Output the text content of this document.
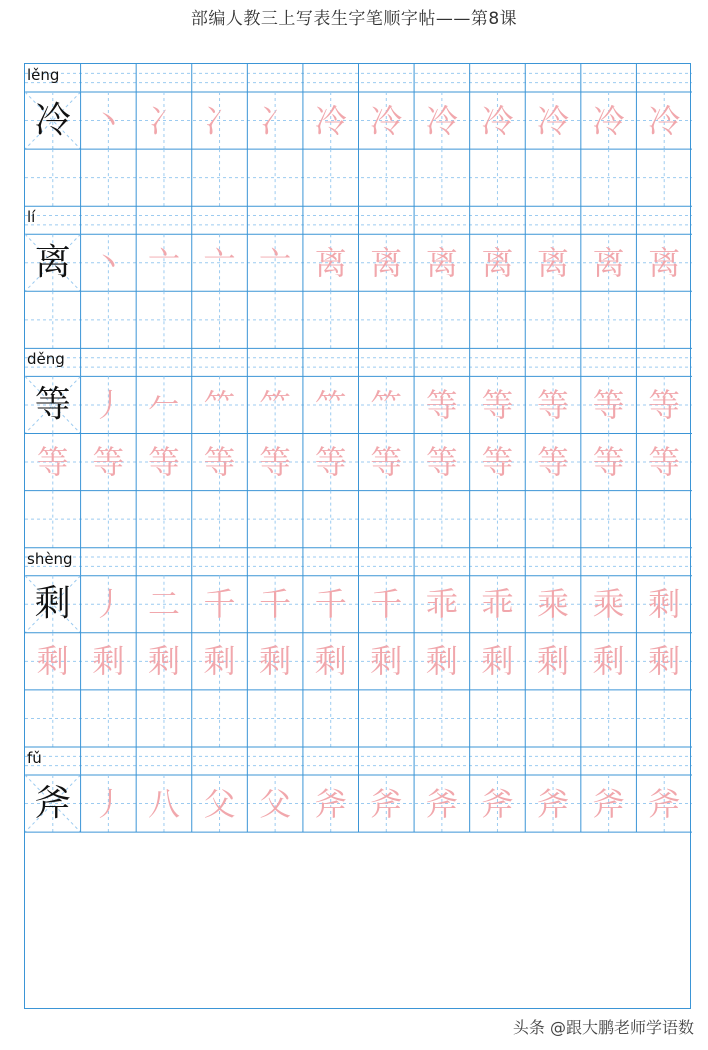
部编人教三上写表生字笔顺字帖——第8课
lěng
冷 丶 冫 冫 冫 冷 冷 冷 冷 冷 冷 冷
lí
离 丶 亠 亠 亠 离 离 离 离 离 离 离
děng
等 丿 𠂉 ⺮ ⺮ ⺮ ⺮ 等 等 等 等 等
等 等 等 等 等 等 等 等 等 等 等 等
shèng
剩 丿 二 千 千 千 千 乖 乖 乘 乘 剩
剩 剩 剩 剩 剩 剩 剩 剩 剩 剩 剩 剩
fǔ
斧 丿 八 父 父 斧 斧 斧 斧 斧 斧 斧
头条 @跟大鹏老师学语数
